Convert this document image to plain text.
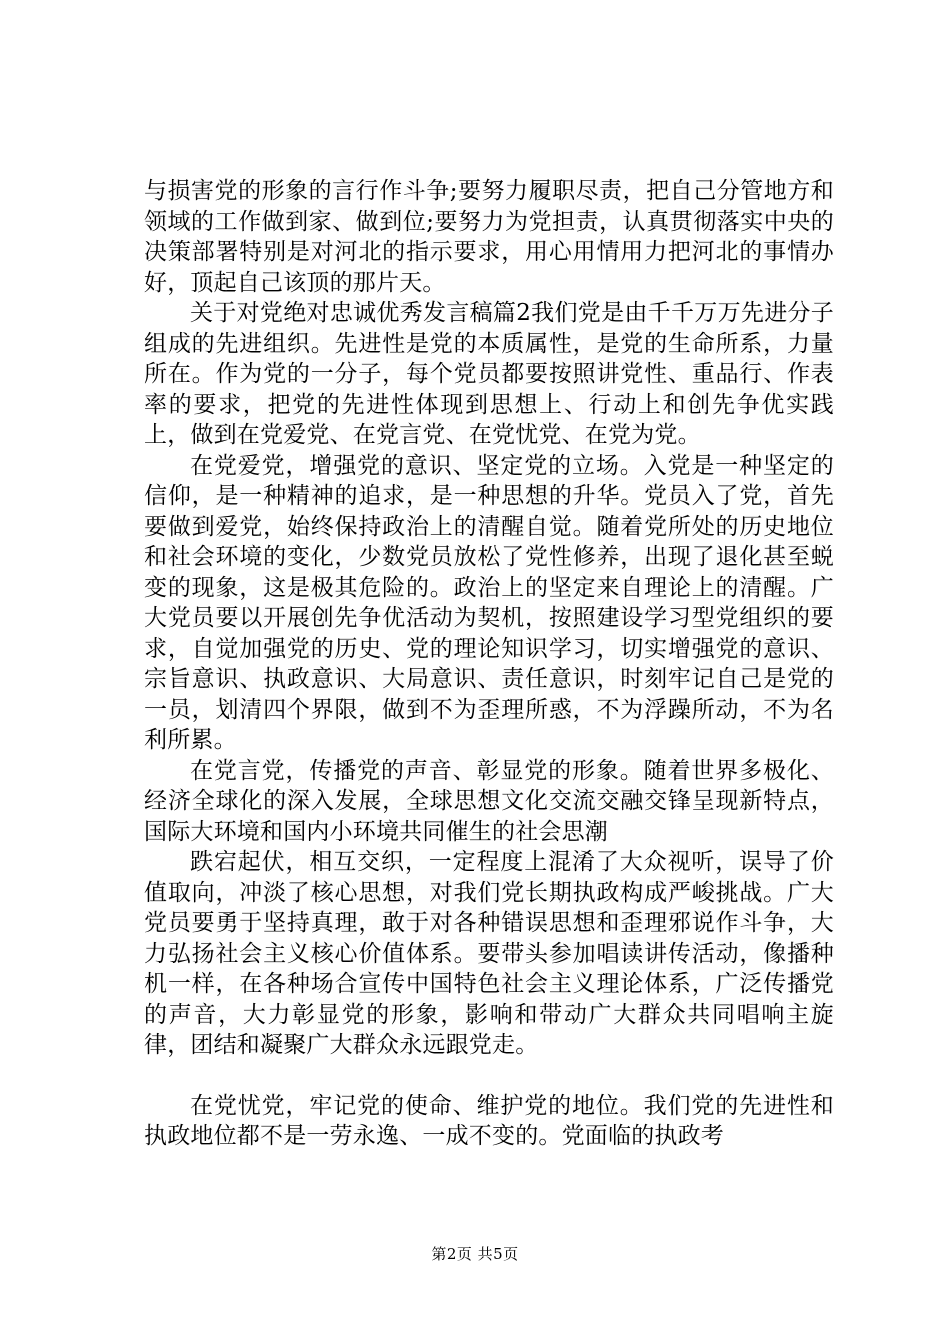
与损害党的形象的言行作斗争;要努力履职尽责，把自己分管地方和领域的工作做到家、做到位;要努力为党担责，认真贯彻落实中央的决策部署特别是对河北的指示要求，用心用情用力把河北的事情办好，顶起自己该顶的那片天。

关于对党绝对忠诚优秀发言稿篇2我们党是由千千万万先进分子组成的先进组织。先进性是党的本质属性，是党的生命所系，力量所在。作为党的一分子，每个党员都要按照讲党性、重品行、作表率的要求，把党的先进性体现到思想上、行动上和创先争优实践上，做到在党爱党、在党言党、在党忧党、在党为党。

在党爱党，增强党的意识、坚定党的立场。入党是一种坚定的信仰，是一种精神的追求，是一种思想的升华。党员入了党，首先要做到爱党，始终保持政治上的清醒自觉。随着党所处的历史地位和社会环境的变化，少数党员放松了党性修养，出现了退化甚至蜕变的现象，这是极其危险的。政治上的坚定来自理论上的清醒。广大党员要以开展创先争优活动为契机，按照建设学习型党组织的要求，自觉加强党的历史、党的理论知识学习，切实增强党的意识、宗旨意识、执政意识、大局意识、责任意识，时刻牢记自己是党的一员，划清四个界限，做到不为歪理所惑，不为浮躁所动，不为名利所累。

在党言党，传播党的声音、彰显党的形象。随着世界多极化、经济全球化的深入发展，全球思想文化交流交融交锋呈现新特点，国际大环境和国内小环境共同催生的社会思潮

跌宕起伏，相互交织，一定程度上混淆了大众视听，误导了价值取向，冲淡了核心思想，对我们党长期执政构成严峻挑战。广大党员要勇于坚持真理，敢于对各种错误思想和歪理邪说作斗争，大力弘扬社会主义核心价值体系。要带头参加唱读讲传活动，像播种机一样，在各种场合宣传中国特色社会主义理论体系，广泛传播党的声音，大力彰显党的形象，影响和带动广大群众共同唱响主旋律，团结和凝聚广大群众永远跟党走。

在党忧党，牢记党的使命、维护党的地位。我们党的先进性和执政地位都不是一劳永逸、一成不变的。党面临的执政考

第2页 共5页
